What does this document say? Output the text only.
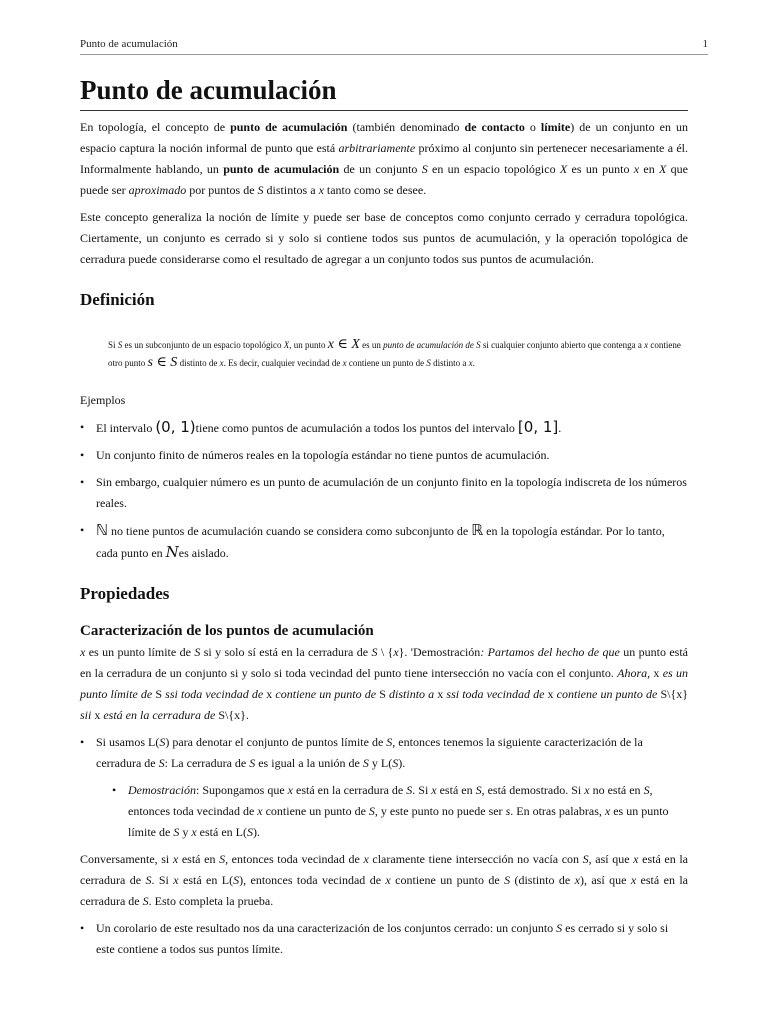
Punto de acumulación	1
Punto de acumulación

En topología, el concepto de punto de acumulación (también denominado de contacto o límite) de un conjunto en un espacio captura la noción informal de punto que está arbitrariamente próximo al conjunto sin pertenecer necesariamente a él. Informalmente hablando, un punto de acumulación de un conjunto S en un espacio topológico X es un punto x en X que puede ser aproximado por puntos de S distintos a x tanto como se desee.

Este concepto generaliza la noción de límite y puede ser base de conceptos como conjunto cerrado y cerradura topológica. Ciertamente, un conjunto es cerrado si y solo si contiene todos sus puntos de acumulación, y la operación topológica de cerradura puede considerarse como el resultado de agregar a un conjunto todos sus puntos de acumulación.

Definición
Si S es un subconjunto de un espacio topológico X, un punto x ∈ X es un punto de acumulación de S si cualquier conjunto abierto que contenga a x contiene otro punto s ∈ S distinto de x. Es decir, cualquier vecindad de x contiene un punto de S distinto a x.

Ejemplos

• El intervalo (0, 1)tiene como puntos de acumulación a todos los puntos del intervalo [0, 1].
• Un conjunto finito de números reales en la topología estándar no tiene puntos de acumulación.
• Sin embargo, cualquier número es un punto de acumulación de un conjunto finito en la topología indiscreta de los números reales.
• ℕ no tiene puntos de acumulación cuando se considera como subconjunto de ℝ en la topología estándar. Por lo tanto, cada punto en Nes aislado.
Propiedades
Caracterización de los puntos de acumulación

x es un punto límite de S si y solo sí está en la cerradura de S \ {x}. 'Demostración: Partamos del hecho de que un punto está en la cerradura de un conjunto si y solo si toda vecindad del punto tiene intersección no vacía con el conjunto. Ahora, x es un punto límite de S ssi toda vecindad de x contiene un punto de S distinto a x ssi toda vecindad de x contiene un punto de S\{x} sii x está en la cerradura de S\{x}.

• Si usamos L(S) para denotar el conjunto de puntos límite de S, entonces tenemos la siguiente caracterización de la cerradura de S: La cerradura de S es igual a la unión de S y L(S).
• Demostración: Supongamos que x está en la cerradura de S. Si x está en S, está demostrado. Si x no está en S, entonces toda vecindad de x contiene un punto de S, y este punto no puede ser s. En otras palabras, x es un punto límite de S y x está en L(S).

Conversamente, si x está en S, entonces toda vecindad de x claramente tiene intersección no vacía con S, así que x está en la cerradura de S. Si x está en L(S), entonces toda vecindad de x contiene un punto de S (distinto de x), así que x está en la cerradura de S. Esto completa la prueba.

• Un corolario de este resultado nos da una caracterización de los conjuntos cerrado: un conjunto S es cerrado si y solo si este contiene a todos sus puntos límite.
